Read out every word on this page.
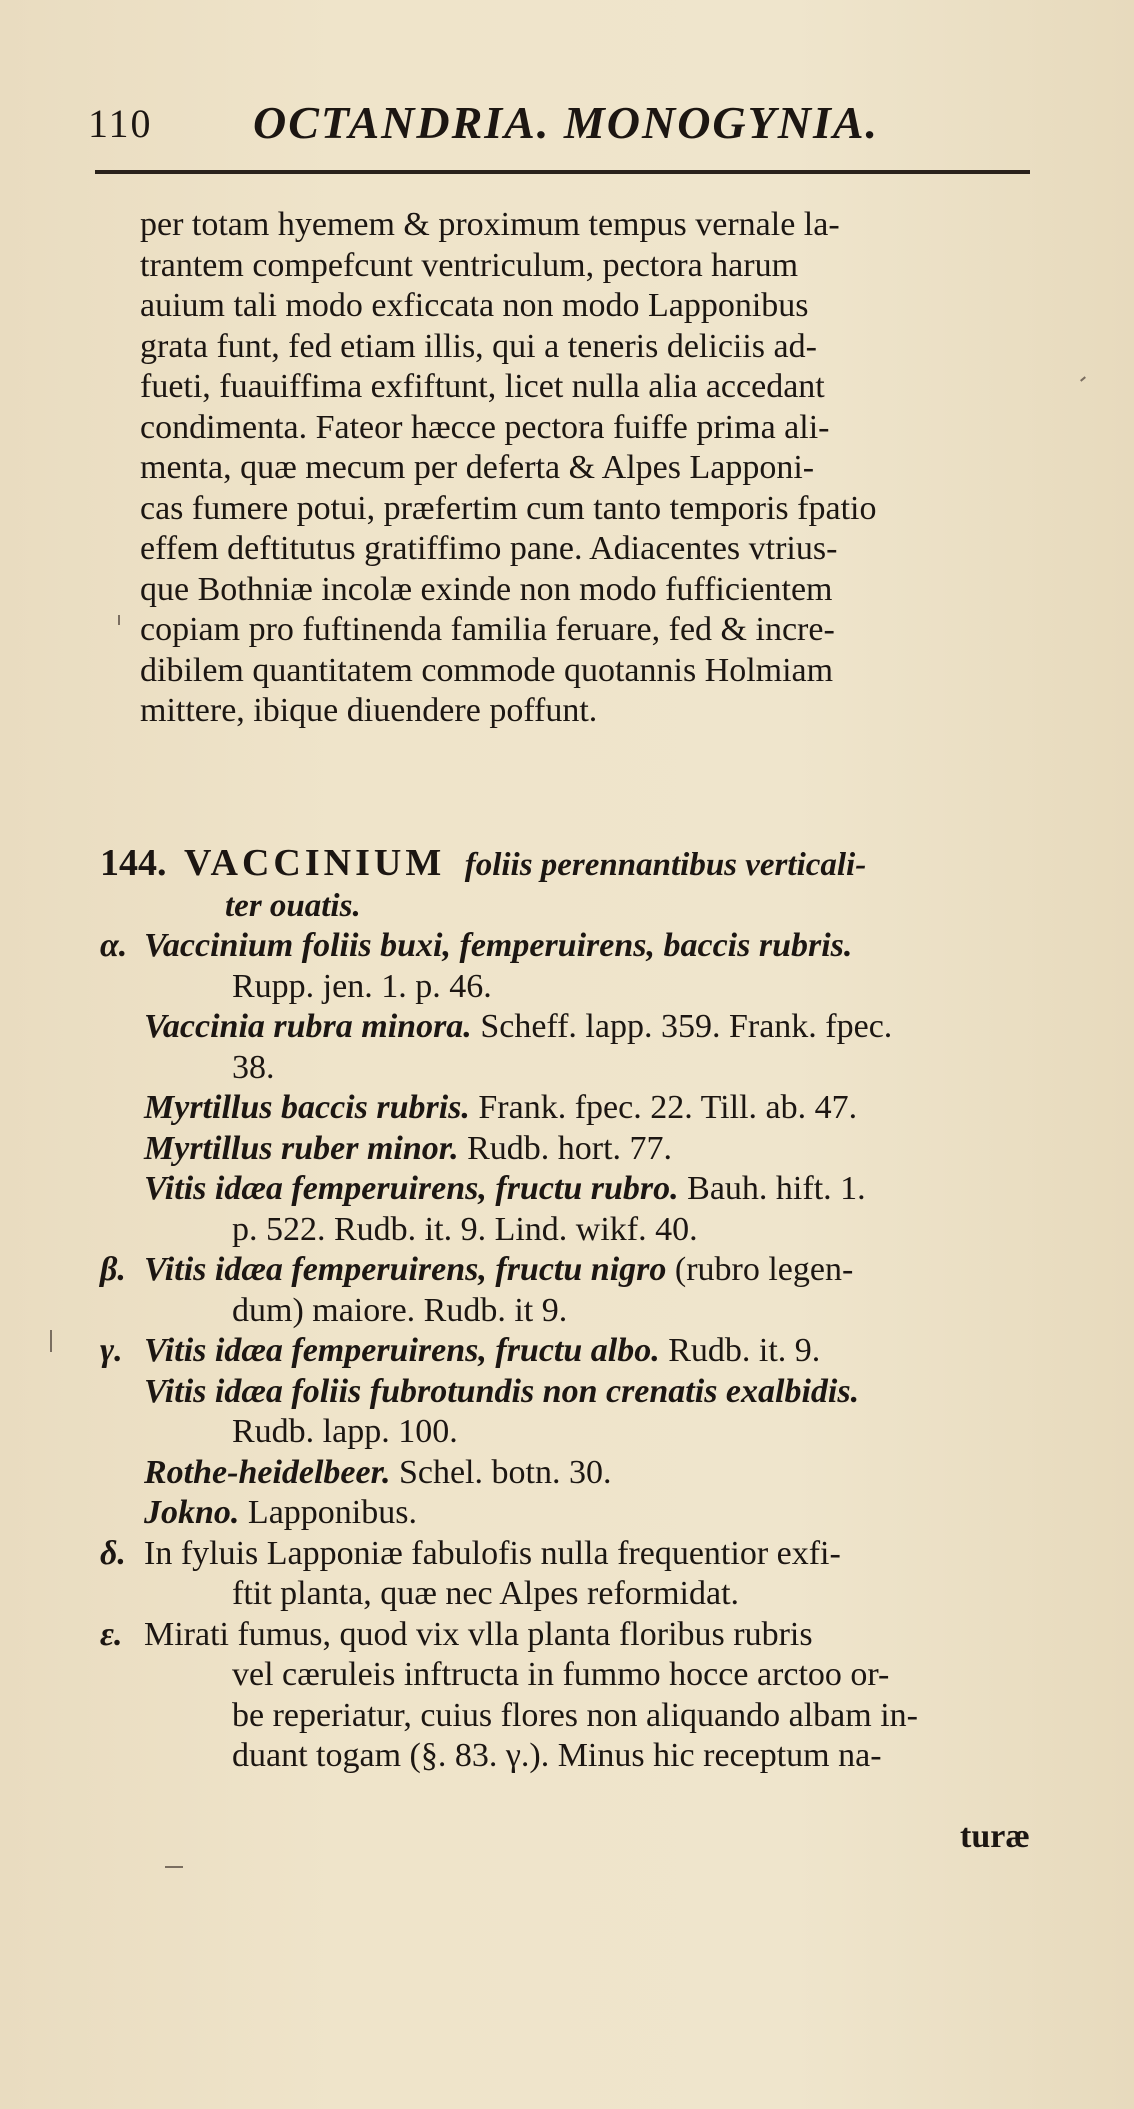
110 OCTANDRIA. MONOGYNIA.
per totam hyemem & proximum tempus vernale la-
trantem compefcunt ventriculum, pectora harum
auium tali modo exficcata non modo Lapponibus
grata funt, fed etiam illis, qui a teneris deliciis ad-
fueti, fuauiffima exfiftunt, licet nulla alia accedant
condimenta. Fateor hæcce pectora fuiffe prima ali-
menta, quæ mecum per deferta & Alpes Lapponi-
cas fumere potui, præfertim cum tanto temporis fpatio
effem deftitutus gratiffimo pane. Adiacentes vtrius-
que Bothniæ incolæ exinde non modo fufficientem
copiam pro fuftinenda familia feruare, fed & incre-
dibilem quantitatem commode quotannis Holmiam
mittere, ibique diuendere poffunt.
144. VACCINIUM foliis perennantibus verticali-
ter ouatis.
α. Vaccinium foliis buxi, femperuirens, baccis rubris.
Rupp. jen. 1. p. 46.
Vaccinia rubra minora. Scheff. lapp. 359. Frank. fpec.
38.
Myrtillus baccis rubris. Frank. fpec. 22. Till. ab. 47.
Myrtillus ruber minor. Rudb. hort. 77.
Vitis idæa femperuirens, fructu rubro. Bauh. hift. 1.
p. 522. Rudb. it. 9. Lind. wikf. 40.
β. Vitis idæa femperuirens, fructu nigro (rubro legen-
dum) maiore. Rudb. it 9.
γ. Vitis idæa femperuirens, fructu albo. Rudb. it. 9.
Vitis idæa foliis fubrotundis non crenatis exalbidis.
Rudb. lapp. 100.
Rothe-heidelbeer. Schel. botn. 30.
Jokno. Lapponibus.
δ. In fyluis Lapponiæ fabulofis nulla frequentior exfi-
ftit planta, quæ nec Alpes reformidat.
ε. Mirati fumus, quod vix vlla planta floribus rubris
vel cæruleis inftructa in fummo hocce arctoo or-
be reperiatur, cuius flores non aliquando albam in-
duant togam (§. 83. γ.). Minus hic receptum na-
turæ
